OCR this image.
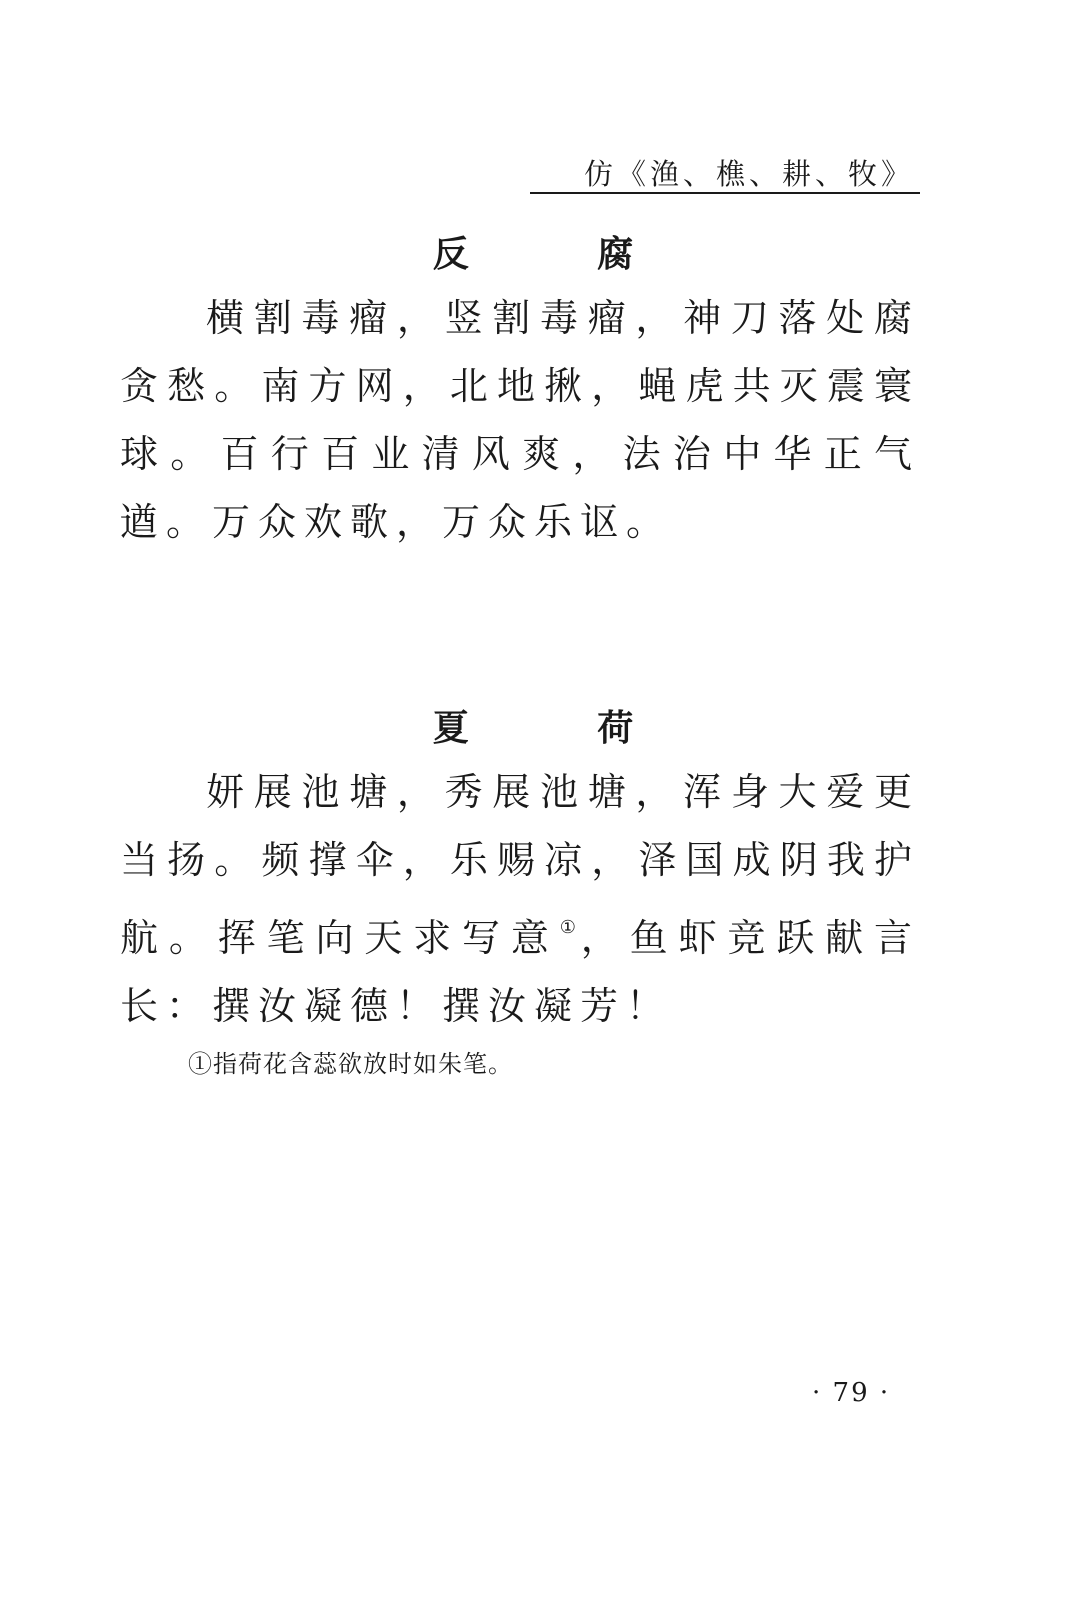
仿《渔、樵、耕、牧》
反 腐
横割毒瘤，竖割毒瘤，神刀落处腐贪愁。南方网，北地揪，蝇虎共灭震寰球。百行百业清风爽，法治中华正气遒。万众欢歌，万众乐讴。
夏 荷
妍展池塘，秀展池塘，浑身大爱更当扬。频撑伞，乐赐凉，泽国成阴我护航。挥笔向天求写意①，鱼虾竞跃献言长：撰汝凝德！撰汝凝芳！
①指荷花含蕊欲放时如朱笔。
· 79 ·
